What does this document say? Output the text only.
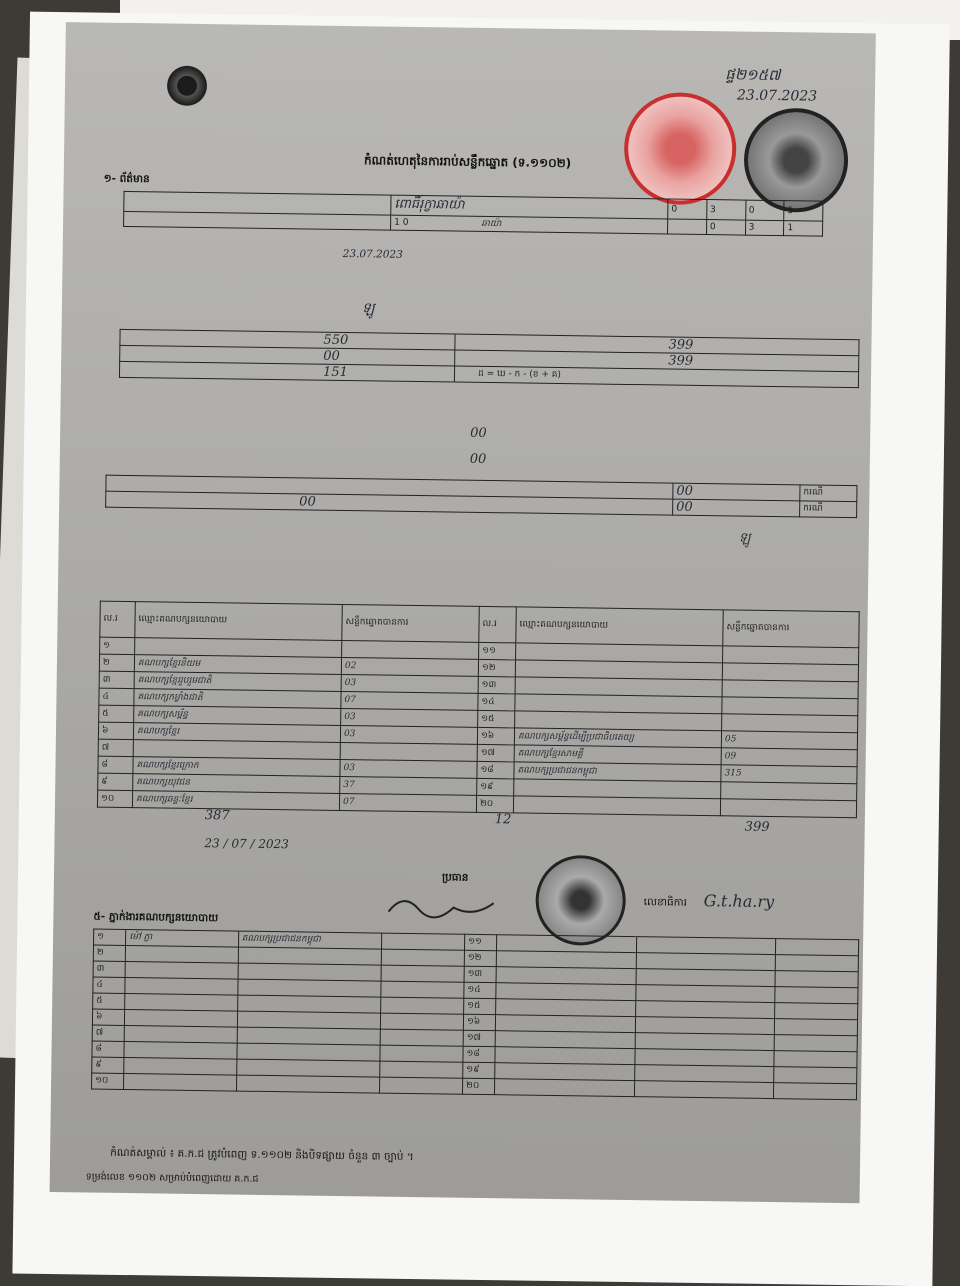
កំណត់ហេតុនៃការរាប់សន្លឹកឆ្នោត (ទ.១១០២)
ផ្ទ២១៥៧
23.07.2023
១- ព័ត៌មាន
	ពោធិ៍រុក្ខាឆាយ៉ា	0	3	0	5
	1 0 ឆាយ៉ា		0	3	1
23.07.2023
ឡូ
550	399
00	399
151	ដ = ឃ - ក - (ខ + គ)
00
00
	00	ករណី
00	00	ករណី
ឡូ
ល.រ	ឈ្មោះគណបក្សនយោបាយ	សន្លឹកឆ្នោតបានការ	ល.រ	ឈ្មោះគណបក្សនយោបាយ	សន្លឹកឆ្នោតបានការ
១			១១		
២	គណបក្សខ្មែរនិយម	02	១២		
៣	គណបក្សខ្មែររួបរួមជាតិ	03	១៣		
៤	គណបក្សកម្លាំងជាតិ	07	១៤		
៥	គណបក្សសម្ព័ន្ធ	03	១៥		
៦	គណបក្សខ្មែរ	03	១៦	គណបក្សសម្ព័ន្ធដើម្បីប្រជាធិបតេយ្យ	05
៧			១៧	គណបក្សខ្មែរសាមគ្គី	09
៨	គណបក្សខ្មែរក្រោក	03	១៨	គណបក្សប្រជាជនកម្ពុជា	315
៩	គណបក្សយុវជន	37	១៩		
១០	គណបក្សឆន្ទៈខ្មែរ	07	២០		
387	12	399
23 / 07 / 2023
ប្រធាន
លេខាធិការ G.t.ha.ry
៥- ភ្នាក់ងារគណបក្សនយោបាយ
១	ម៉ៅ ភ្លា	គណបក្សប្រជាជនកម្ពុជា		១១			
២				១២			
៣				១៣			
៤				១៤			
៥				១៥			
៦				១៦			
៧				១៧			
៨				១៨			
៩				១៩			
១០				២០			
កំណត់សម្គាល់ ៖ គ.ក.ជ ត្រូវបំពេញ ទ.១១០២ និងបិទផ្សាយ ចំនួន ៣ ច្បាប់ ។
ទម្រង់លេខ ១១០២ សម្រាប់បំពេញដោយ គ.ក.ជ
